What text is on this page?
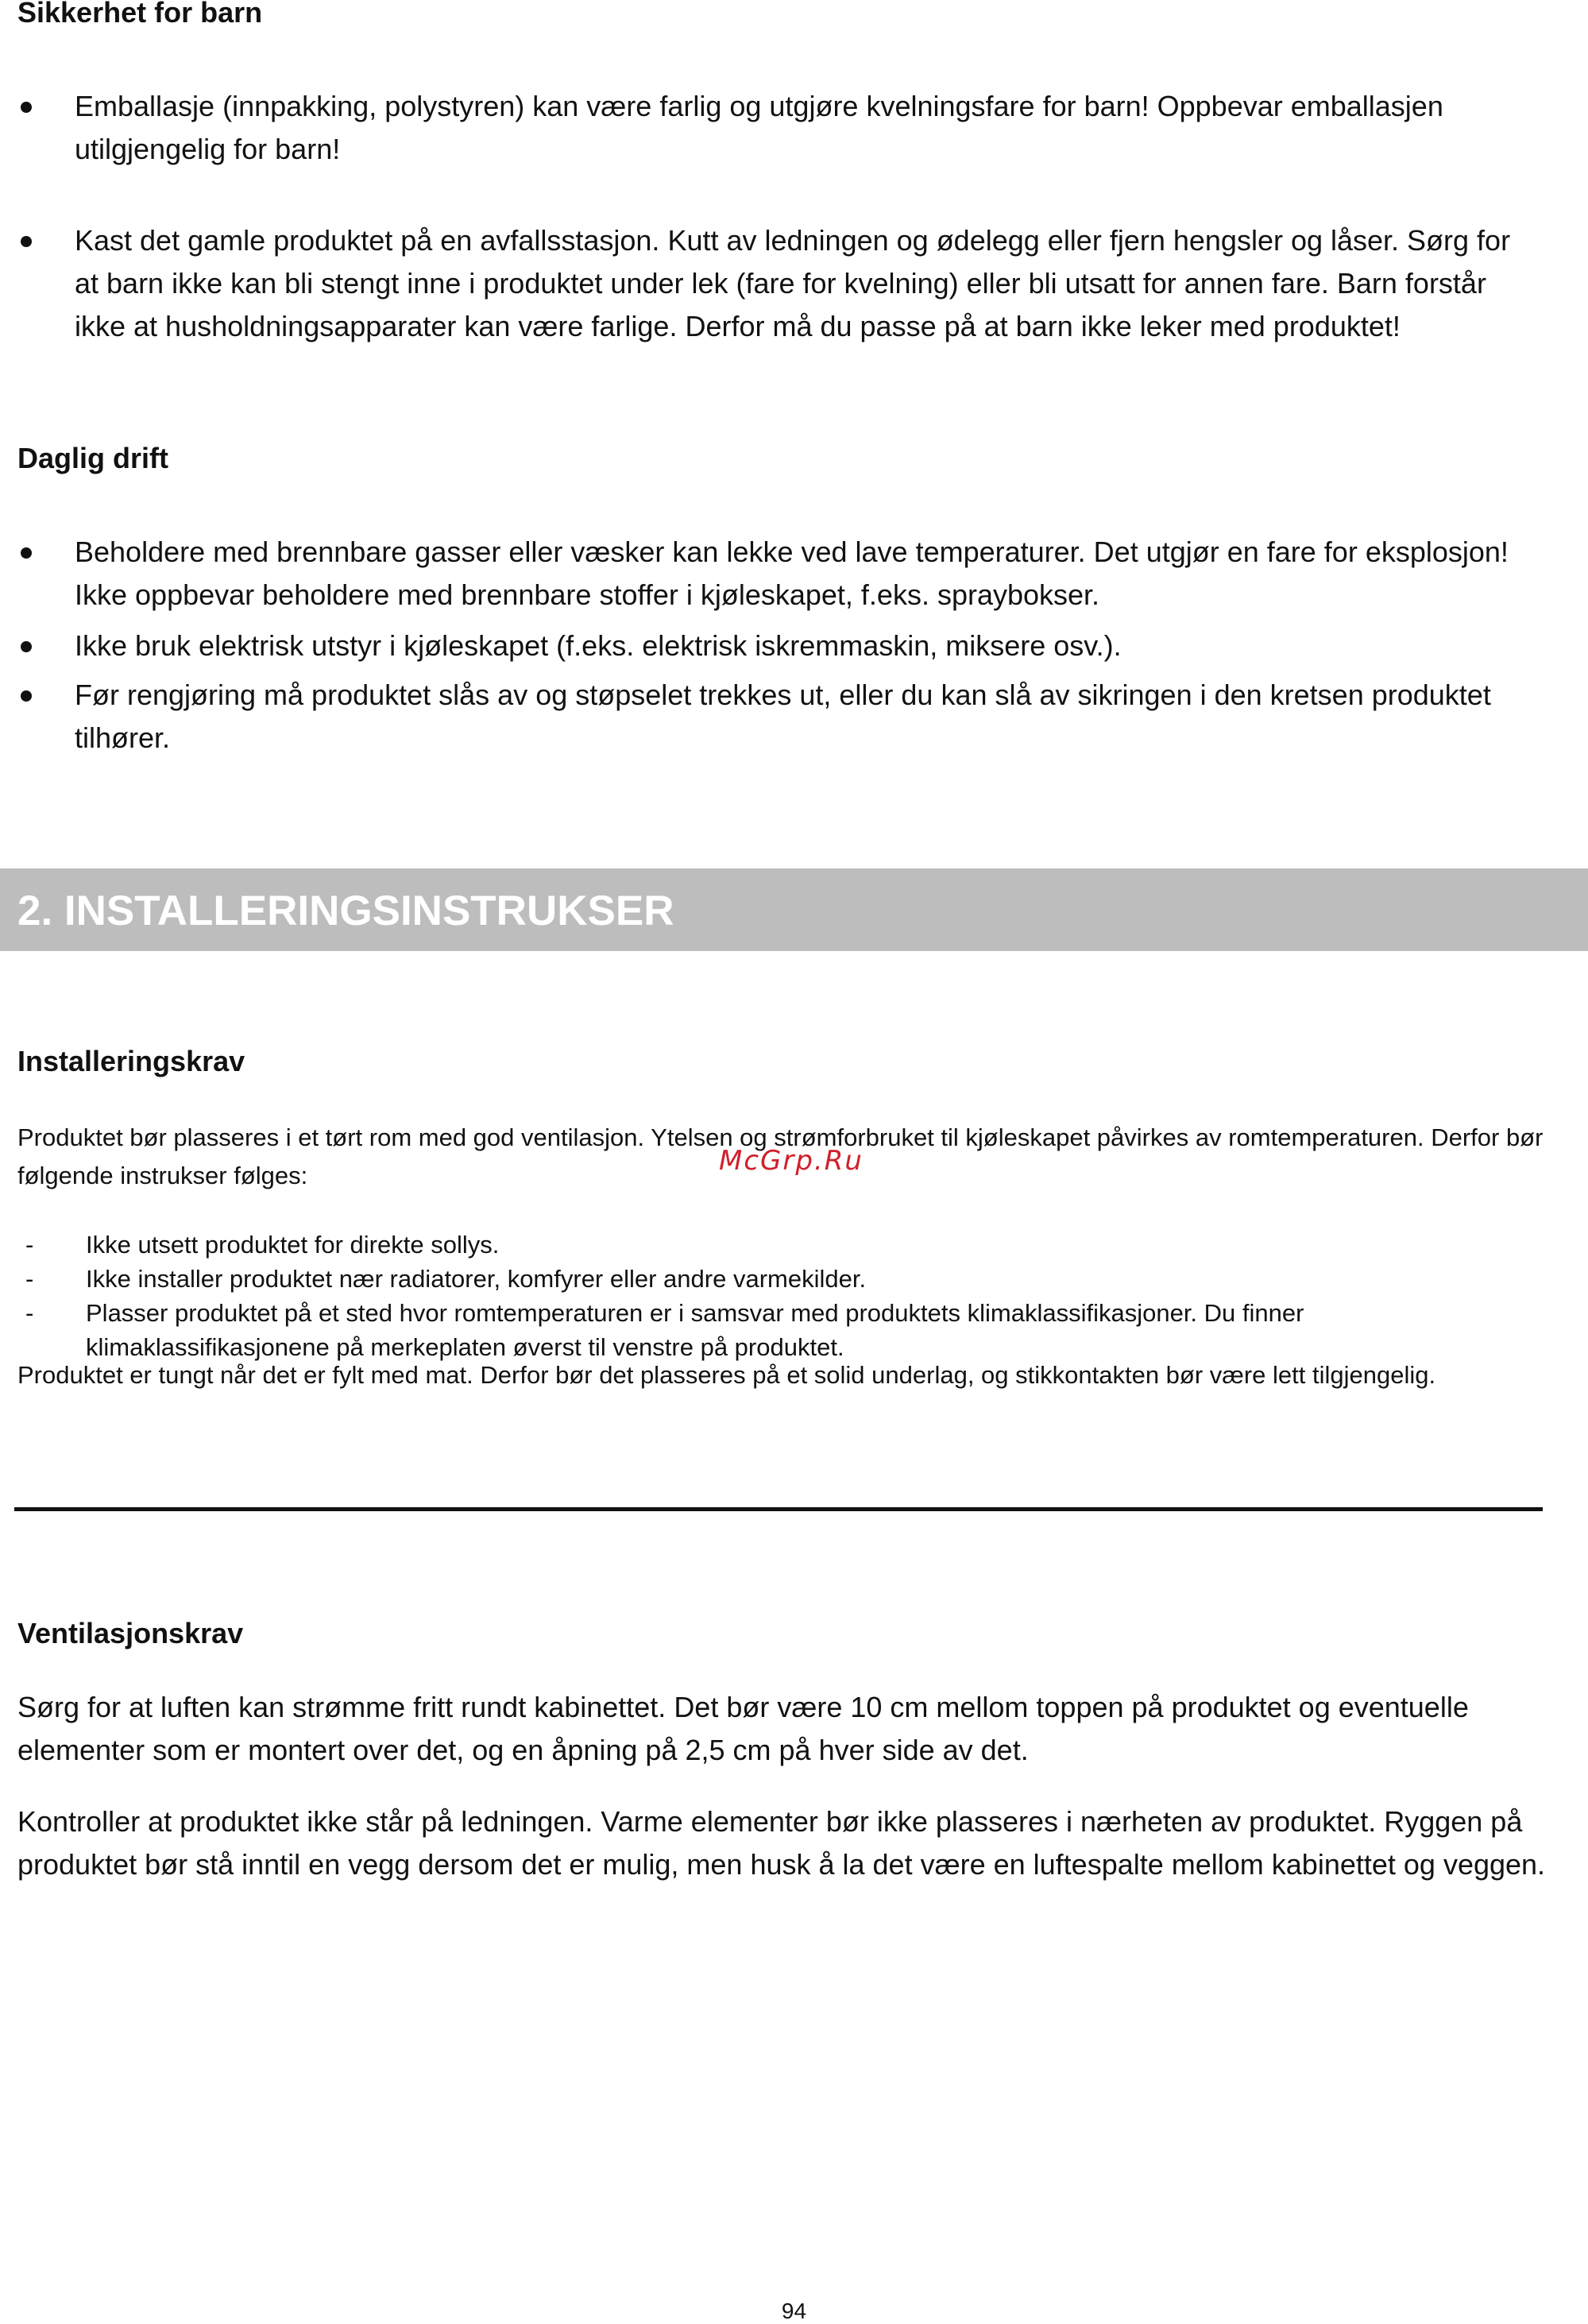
Sikkerhet for barn
Emballasje (innpakking, polystyren) kan være farlig og utgjøre kvelningsfare for barn! Oppbevar emballasjen utilgjengelig for barn!
Kast det gamle produktet på en avfallsstasjon. Kutt av ledningen og ødelegg eller fjern hengsler og låser. Sørg for at barn ikke kan bli stengt inne i produktet under lek (fare for kvelning) eller bli utsatt for annen fare. Barn forstår ikke at husholdningsapparater kan være farlige. Derfor må du passe på at barn ikke leker med produktet!
Daglig drift
Beholdere med brennbare gasser eller væsker kan lekke ved lave temperaturer. Det utgjør en fare for eksplosjon! Ikke oppbevar beholdere med brennbare stoffer i kjøleskapet, f.eks. spraybokser.
Ikke bruk elektrisk utstyr i kjøleskapet (f.eks. elektrisk iskremmaskin, miksere osv.).
Før rengjøring må produktet slås av og støpselet trekkes ut, eller du kan slå av sikringen i den kretsen produktet tilhører.
2. INSTALLERINGSINSTRUKSER
Installeringskrav

Produktet bør plasseres i et tørt rom med god ventilasjon. Ytelsen og strømforbruket til kjøleskapet påvirkes av romtemperaturen. Derfor bør følgende instrukser følges:	McGrp.Ru
- Ikke utsett produktet for direkte sollys.
- Ikke installer produktet nær radiatorer, komfyrer eller andre varmekilder.
- Plasser produktet på et sted hvor romtemperaturen er i samsvar med produktets klimaklassifikasjoner. Du finner klimaklassifikasjonene på merkeplaten øverst til venstre på produktet.

Produktet er tungt når det er fylt med mat. Derfor bør det plasseres på et solid underlag, og stikkontakten bør være lett tilgjengelig.

Ventilasjonskrav

Sørg for at luften kan strømme fritt rundt kabinettet. Det bør være 10 cm mellom toppen på produktet og eventuelle elementer som er montert over det, og en åpning på 2,5 cm på hver side av det.

Kontroller at produktet ikke står på ledningen. Varme elementer bør ikke plasseres i nærheten av produktet. Ryggen på produktet bør stå inntil en vegg dersom det er mulig, men husk å la det være en luftespalte mellom kabinettet og veggen.

94
